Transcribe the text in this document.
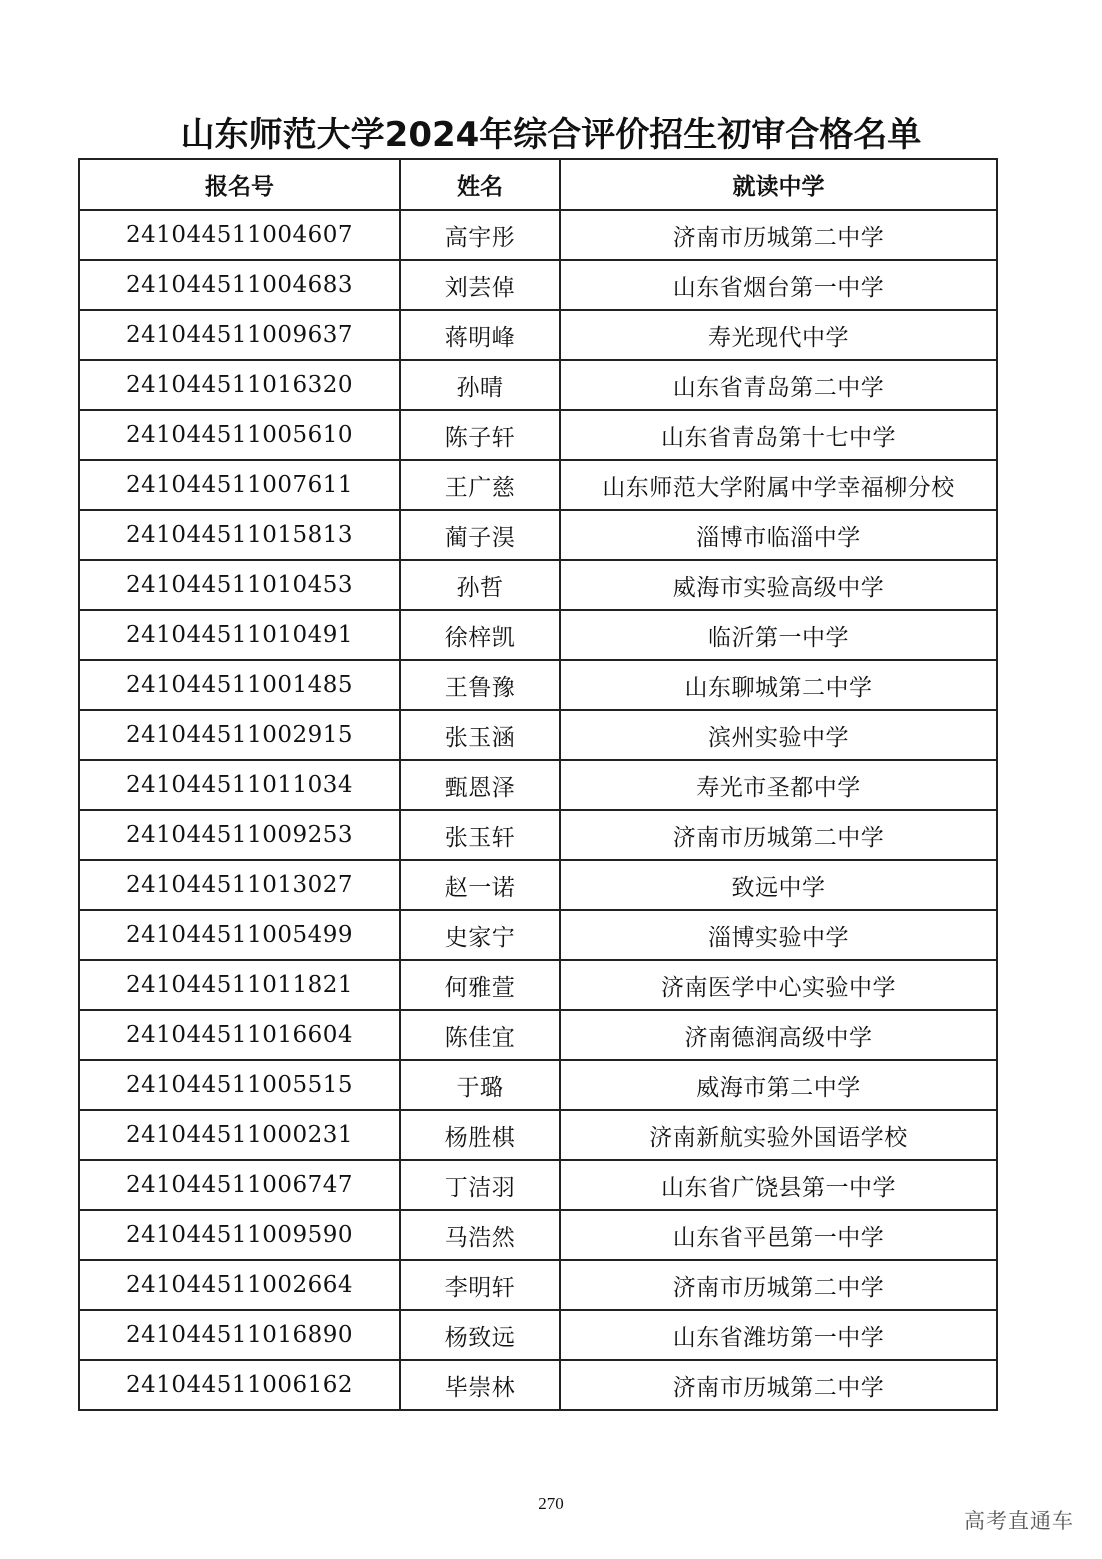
山东师范大学2024年综合评价招生初审合格名单
报名号	姓名	就读中学
241044511004607	高宇彤	济南市历城第二中学
241044511004683	刘芸倬	山东省烟台第一中学
241044511009637	蒋明峰	寿光现代中学
241044511016320	孙晴	山东省青岛第二中学
241044511005610	陈子轩	山东省青岛第十七中学
241044511007611	王广慈	山东师范大学附属中学幸福柳分校
241044511015813	蔺子淏	淄博市临淄中学
241044511010453	孙哲	威海市实验高级中学
241044511010491	徐梓凯	临沂第一中学
241044511001485	王鲁豫	山东聊城第二中学
241044511002915	张玉涵	滨州实验中学
241044511011034	甄恩泽	寿光市圣都中学
241044511009253	张玉轩	济南市历城第二中学
241044511013027	赵一诺	致远中学
241044511005499	史家宁	淄博实验中学
241044511011821	何雅萱	济南医学中心实验中学
241044511016604	陈佳宜	济南德润高级中学
241044511005515	于璐	威海市第二中学
241044511000231	杨胜棋	济南新航实验外国语学校
241044511006747	丁洁羽	山东省广饶县第一中学
241044511009590	马浩然	山东省平邑第一中学
241044511002664	李明轩	济南市历城第二中学
241044511016890	杨致远	山东省潍坊第一中学
241044511006162	毕崇林	济南市历城第二中学
270
高考直通车
